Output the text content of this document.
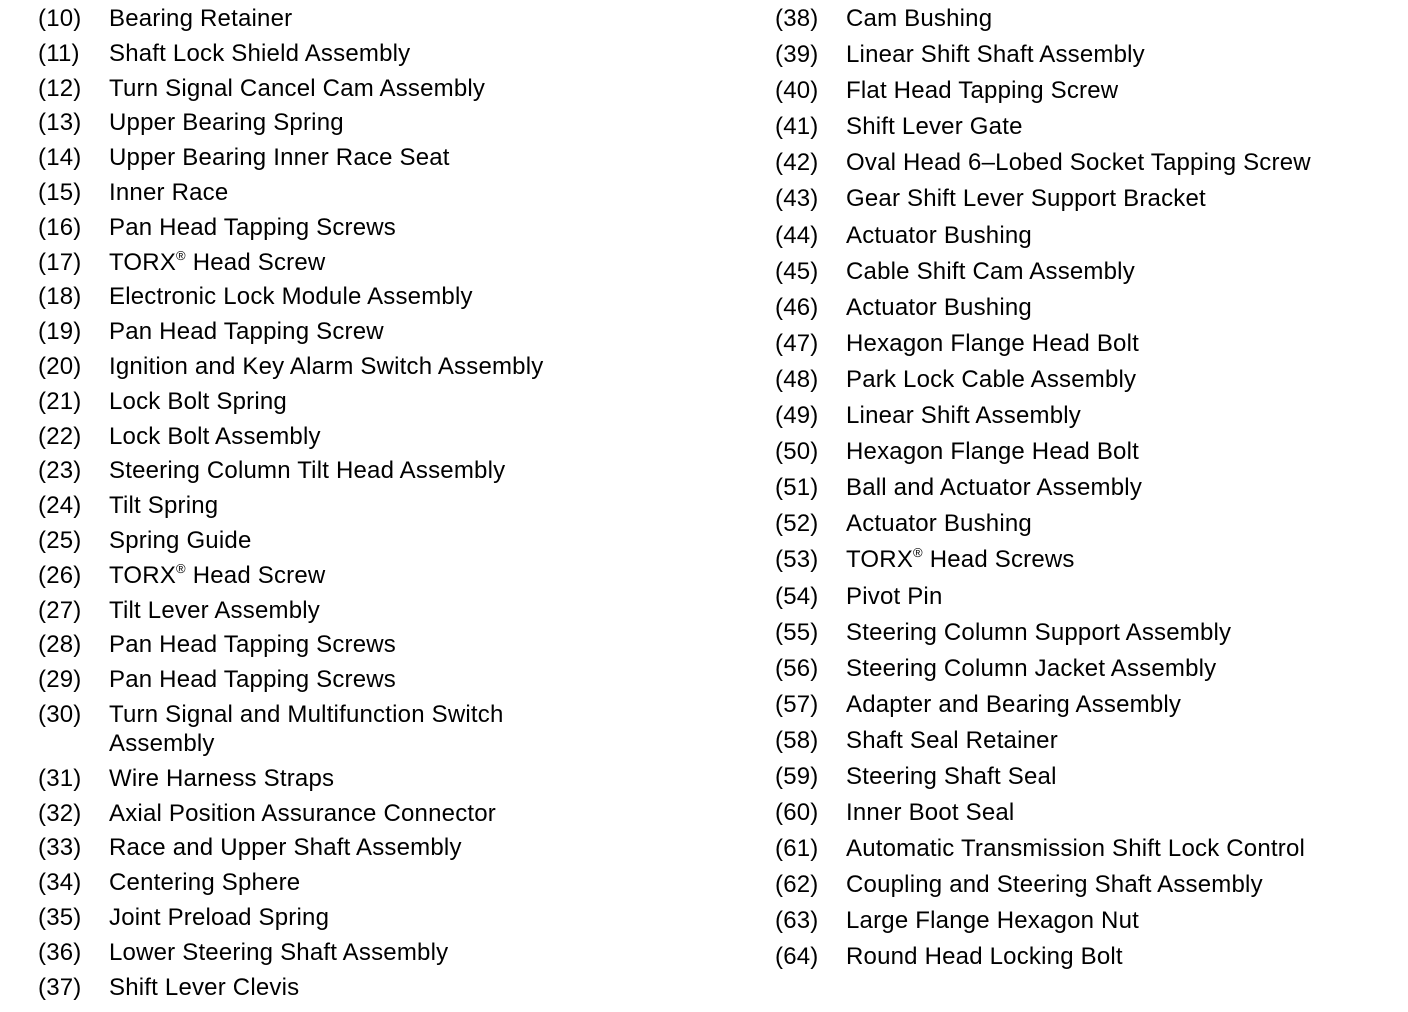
(10)	Bearing Retainer
(11)	Shaft Lock Shield Assembly
(12)	Turn Signal Cancel Cam Assembly
(13)	Upper Bearing Spring
(14)	Upper Bearing Inner Race Seat
(15)	Inner Race
(16)	Pan Head Tapping Screws
(17)	TORX® Head Screw
(18)	Electronic Lock Module Assembly
(19)	Pan Head Tapping Screw
(20)	Ignition and Key Alarm Switch Assembly
(21)	Lock Bolt Spring
(22)	Lock Bolt Assembly
(23)	Steering Column Tilt Head Assembly
(24)	Tilt Spring
(25)	Spring Guide
(26)	TORX® Head Screw
(27)	Tilt Lever Assembly
(28)	Pan Head Tapping Screws
(29)	Pan Head Tapping Screws
(30)	Turn Signal and Multifunction Switch Assembly
(31)	Wire Harness Straps
(32)	Axial Position Assurance Connector
(33)	Race and Upper Shaft Assembly
(34)	Centering Sphere
(35)	Joint Preload Spring
(36)	Lower Steering Shaft Assembly
(37)	Shift Lever Clevis
(38)	Cam Bushing
(39)	Linear Shift Shaft Assembly
(40)	Flat Head Tapping Screw
(41)	Shift Lever Gate
(42)	Oval Head 6–Lobed Socket Tapping Screw
(43)	Gear Shift Lever Support Bracket
(44)	Actuator Bushing
(45)	Cable Shift Cam Assembly
(46)	Actuator Bushing
(47)	Hexagon Flange Head Bolt
(48)	Park Lock Cable Assembly
(49)	Linear Shift Assembly
(50)	Hexagon Flange Head Bolt
(51)	Ball and Actuator Assembly
(52)	Actuator Bushing
(53)	TORX® Head Screws
(54)	Pivot Pin
(55)	Steering Column Support Assembly
(56)	Steering Column Jacket Assembly
(57)	Adapter and Bearing Assembly
(58)	Shaft Seal Retainer
(59)	Steering Shaft Seal
(60)	Inner Boot Seal
(61)	Automatic Transmission Shift Lock Control
(62)	Coupling and Steering Shaft Assembly
(63)	Large Flange Hexagon Nut
(64)	Round Head Locking Bolt
